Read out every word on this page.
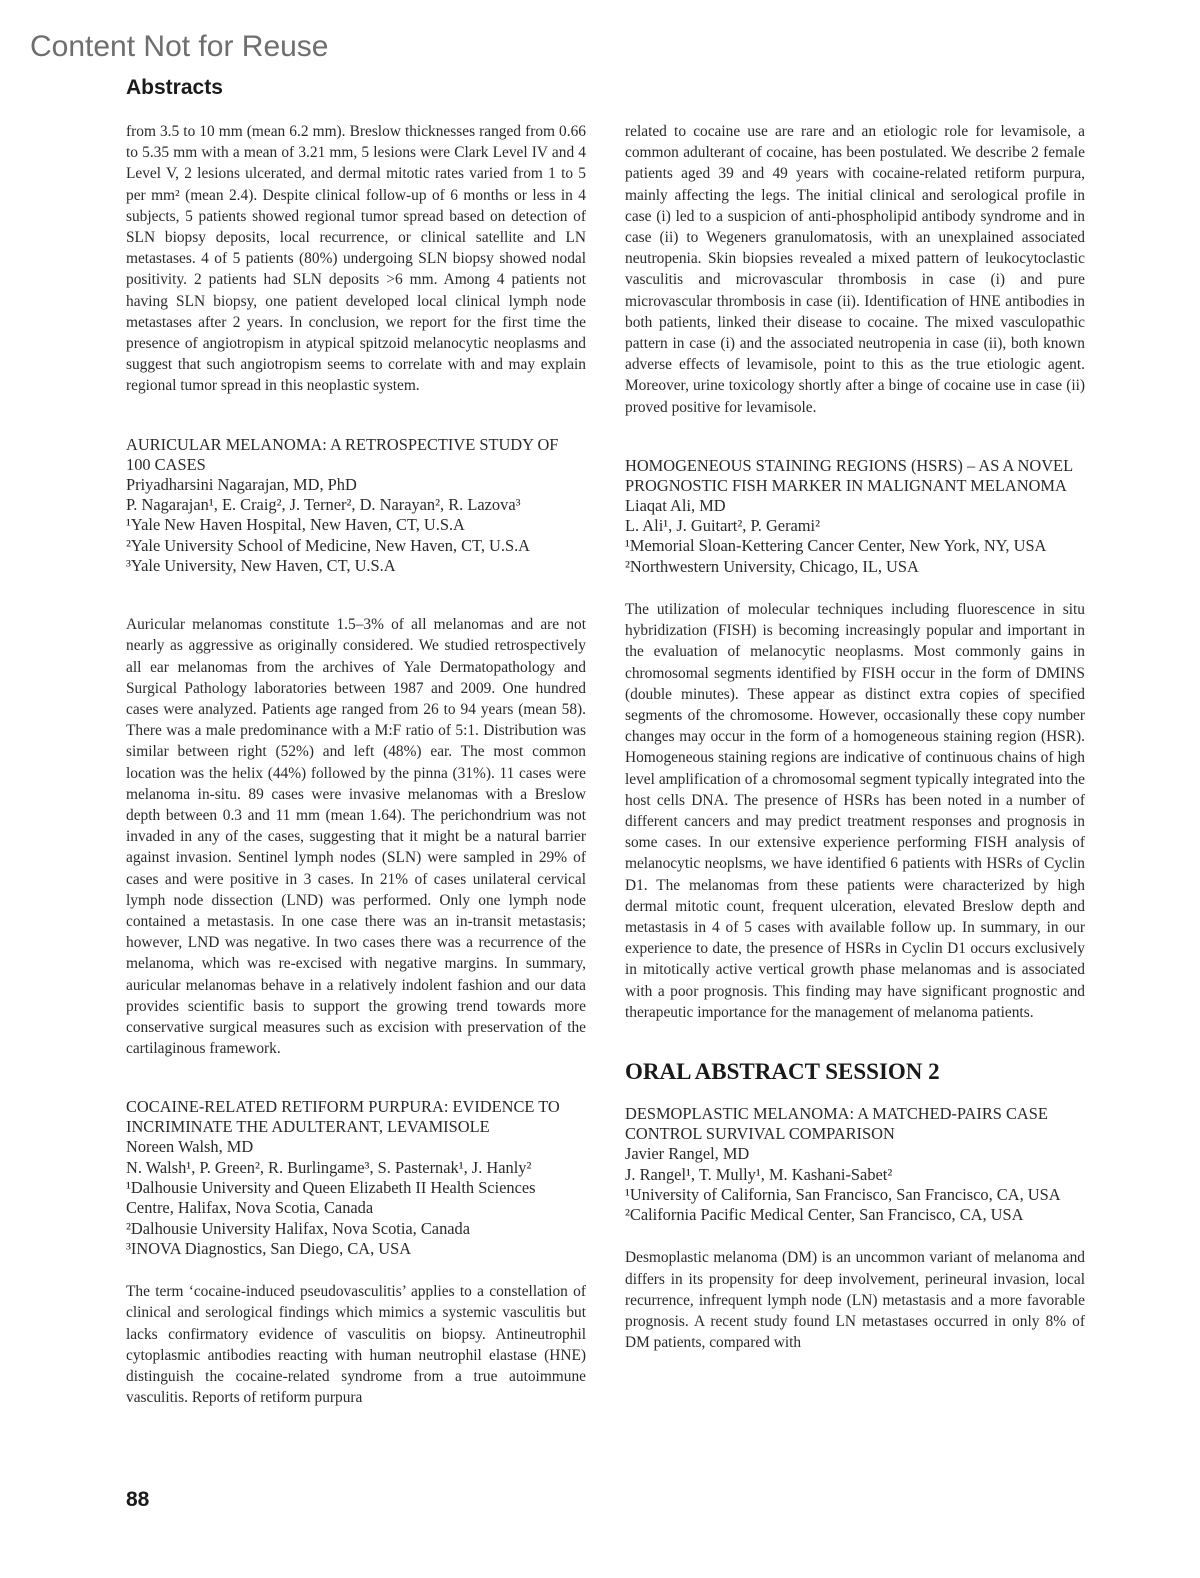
Content Not for Reuse
Abstracts

from 3.5 to 10 mm (mean 6.2 mm). Breslow thicknesses ranged from 0.66 to 5.35 mm with a mean of 3.21 mm, 5 lesions were Clark Level IV and 4 Level V, 2 lesions ulcerated, and dermal mitotic rates varied from 1 to 5 per mm² (mean 2.4). Despite clinical follow-up of 6 months or less in 4 subjects, 5 patients showed regional tumor spread based on detection of SLN biopsy deposits, local recurrence, or clinical satellite and LN metastases. 4 of 5 patients (80%) undergoing SLN biopsy showed nodal positivity. 2 patients had SLN deposits >6 mm. Among 4 patients not having SLN biopsy, one patient developed local clinical lymph node metastases after 2 years. In conclusion, we report for the first time the presence of angiotropism in atypical spitzoid melanocytic neoplasms and suggest that such angiotropism seems to correlate with and may explain regional tumor spread in this neoplastic system.

AURICULAR MELANOMA: A RETROSPECTIVE STUDY OF 100 CASES

Priyadharsini Nagarajan, MD, PhD

P. Nagarajan¹, E. Craig², J. Terner², D. Narayan², R. Lazova³

¹Yale New Haven Hospital, New Haven, CT, U.S.A

²Yale University School of Medicine, New Haven, CT, U.S.A

³Yale University, New Haven, CT, U.S.A

Auricular melanomas constitute 1.5–3% of all melanomas and are not nearly as aggressive as originally considered. We studied retrospectively all ear melanomas from the archives of Yale Dermatopathology and Surgical Pathology laboratories between 1987 and 2009. One hundred cases were analyzed. Patients age ranged from 26 to 94 years (mean 58). There was a male predominance with a M:F ratio of 5:1. Distribution was similar between right (52%) and left (48%) ear. The most common location was the helix (44%) followed by the pinna (31%). 11 cases were melanoma in-situ. 89 cases were invasive melanomas with a Breslow depth between 0.3 and 11 mm (mean 1.64). The perichondrium was not invaded in any of the cases, suggesting that it might be a natural barrier against invasion. Sentinel lymph nodes (SLN) were sampled in 29% of cases and were positive in 3 cases. In 21% of cases unilateral cervical lymph node dissection (LND) was performed. Only one lymph node contained a metastasis. In one case there was an in-transit metastasis; however, LND was negative. In two cases there was a recurrence of the melanoma, which was re-excised with negative margins. In summary, auricular melanomas behave in a relatively indolent fashion and our data provides scientific basis to support the growing trend towards more conservative surgical measures such as excision with preservation of the cartilaginous framework.

COCAINE-RELATED RETIFORM PURPURA: EVIDENCE TO INCRIMINATE THE ADULTERANT, LEVAMISOLE

Noreen Walsh, MD

N. Walsh¹, P. Green², R. Burlingame³, S. Pasternak¹, J. Hanly²

¹Dalhousie University and Queen Elizabeth II Health Sciences Centre, Halifax, Nova Scotia, Canada

²Dalhousie University Halifax, Nova Scotia, Canada

³INOVA Diagnostics, San Diego, CA, USA

The term ‘cocaine-induced pseudovasculitis’ applies to a constellation of clinical and serological findings which mimics a systemic vasculitis but lacks confirmatory evidence of vasculitis on biopsy. Antineutrophil cytoplasmic antibodies reacting with human neutrophil elastase (HNE) distinguish the cocaine-related syndrome from a true autoimmune vasculitis. Reports of retiform purpura

related to cocaine use are rare and an etiologic role for levamisole, a common adulterant of cocaine, has been postulated. We describe 2 female patients aged 39 and 49 years with cocaine-related retiform purpura, mainly affecting the legs. The initial clinical and serological profile in case (i) led to a suspicion of anti-phospholipid antibody syndrome and in case (ii) to Wegeners granulomatosis, with an unexplained associated neutropenia. Skin biopsies revealed a mixed pattern of leukocytoclastic vasculitis and microvascular thrombosis in case (i) and pure microvascular thrombosis in case (ii). Identification of HNE antibodies in both patients, linked their disease to cocaine. The mixed vasculopathic pattern in case (i) and the associated neutropenia in case (ii), both known adverse effects of levamisole, point to this as the true etiologic agent. Moreover, urine toxicology shortly after a binge of cocaine use in case (ii) proved positive for levamisole.

HOMOGENEOUS STAINING REGIONS (HSRS) – AS A NOVEL PROGNOSTIC FISH MARKER IN MALIGNANT MELANOMA

Liaqat Ali, MD

L. Ali¹, J. Guitart², P. Gerami²

¹Memorial Sloan-Kettering Cancer Center, New York, NY, USA

²Northwestern University, Chicago, IL, USA

The utilization of molecular techniques including fluorescence in situ hybridization (FISH) is becoming increasingly popular and important in the evaluation of melanocytic neoplasms. Most commonly gains in chromosomal segments identified by FISH occur in the form of DMINS (double minutes). These appear as distinct extra copies of specified segments of the chromosome. However, occasionally these copy number changes may occur in the form of a homogeneous staining region (HSR). Homogeneous staining regions are indicative of continuous chains of high level amplification of a chromosomal segment typically integrated into the host cells DNA. The presence of HSRs has been noted in a number of different cancers and may predict treatment responses and prognosis in some cases. In our extensive experience performing FISH analysis of melanocytic neoplsms, we have identified 6 patients with HSRs of Cyclin D1. The melanomas from these patients were characterized by high dermal mitotic count, frequent ulceration, elevated Breslow depth and metastasis in 4 of 5 cases with available follow up. In summary, in our experience to date, the presence of HSRs in Cyclin D1 occurs exclusively in mitotically active vertical growth phase melanomas and is associated with a poor prognosis. This finding may have significant prognostic and therapeutic importance for the management of melanoma patients.

ORAL ABSTRACT SESSION 2

DESMOPLASTIC MELANOMA: A MATCHED-PAIRS CASE CONTROL SURVIVAL COMPARISON

Javier Rangel, MD

J. Rangel¹, T. Mully¹, M. Kashani-Sabet²

¹University of California, San Francisco, San Francisco, CA, USA

²California Pacific Medical Center, San Francisco, CA, USA

Desmoplastic melanoma (DM) is an uncommon variant of melanoma and differs in its propensity for deep involvement, perineural invasion, local recurrence, infrequent lymph node (LN) metastasis and a more favorable prognosis. A recent study found LN metastases occurred in only 8% of DM patients, compared with

88
